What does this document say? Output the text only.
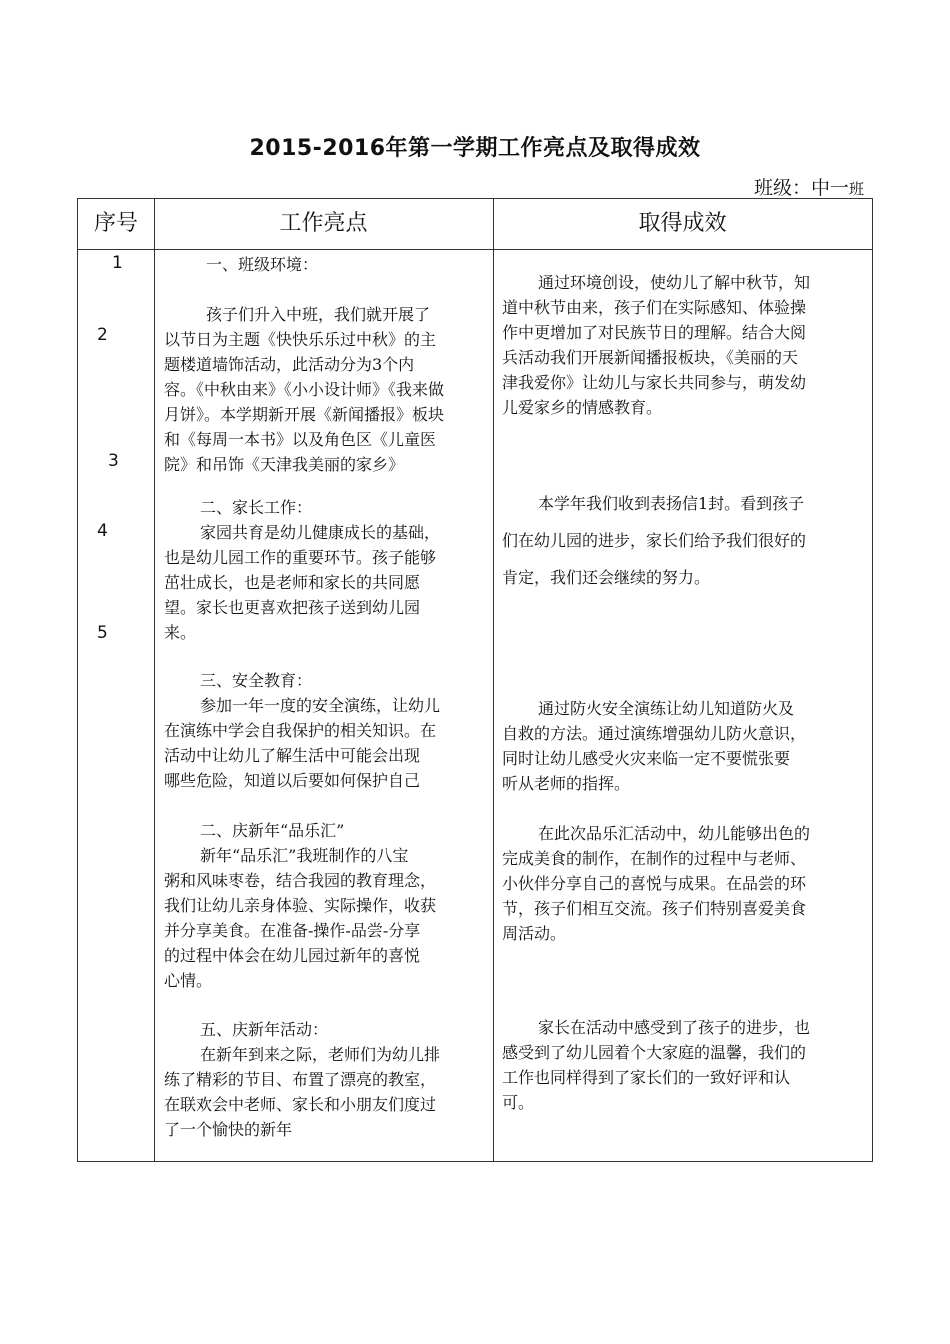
2015-2016年第一学期工作亮点及取得成效
班级：中一班
序号	工作亮点	取得成效
1
2
3
4
5

一、班级环境：

孩子们升入中班，我们就开展了

以节日为主题《快快乐乐过中秋》的主

题楼道墙饰活动，此活动分为3个内

容。《中秋由来》《小小设计师》《我来做

月饼》。本学期新开展《新闻播报》板块

和《每周一本书》以及角色区《儿童医

院》和吊饰《天津我美丽的家乡》

二、家长工作：

家园共育是幼儿健康成长的基础，

也是幼儿园工作的重要环节。孩子能够

茁壮成长，也是老师和家长的共同愿

望。家长也更喜欢把孩子送到幼儿园

来。

三、安全教育：

参加一年一度的安全演练，让幼儿

在演练中学会自我保护的相关知识。在

活动中让幼儿了解生活中可能会出现

哪些危险，知道以后要如何保护自己

二、庆新年“品乐汇”

新年“品乐汇”我班制作的八宝

粥和风味枣卷，结合我园的教育理念，

我们让幼儿亲身体验、实际操作，收获

并分享美食。在准备-操作-品尝-分享

的过程中体会在幼儿园过新年的喜悦

心情。

五、庆新年活动：

在新年到来之际，老师们为幼儿排

练了精彩的节目、布置了漂亮的教室，

在联欢会中老师、家长和小朋友们度过

了一个愉快的新年

通过环境创设，使幼儿了解中秋节，知

道中秋节由来，孩子们在实际感知、体验操

作中更增加了对民族节日的理解。结合大阅

兵活动我们开展新闻播报板块，《美丽的天

津我爱你》让幼儿与家长共同参与，萌发幼

儿爱家乡的情感教育。

本学年我们收到表扬信1封。看到孩子

们在幼儿园的进步，家长们给予我们很好的

肯定，我们还会继续的努力。

通过防火安全演练让幼儿知道防火及

自救的方法。通过演练增强幼儿防火意识，

同时让幼儿感受火灾来临一定不要慌张要

听从老师的指挥。

在此次品乐汇活动中，幼儿能够出色的

完成美食的制作，在制作的过程中与老师、

小伙伴分享自己的喜悦与成果。在品尝的环

节，孩子们相互交流。孩子们特别喜爱美食

周活动。

家长在活动中感受到了孩子的进步，也

感受到了幼儿园着个大家庭的温馨，我们的

工作也同样得到了家长们的一致好评和认

可。
